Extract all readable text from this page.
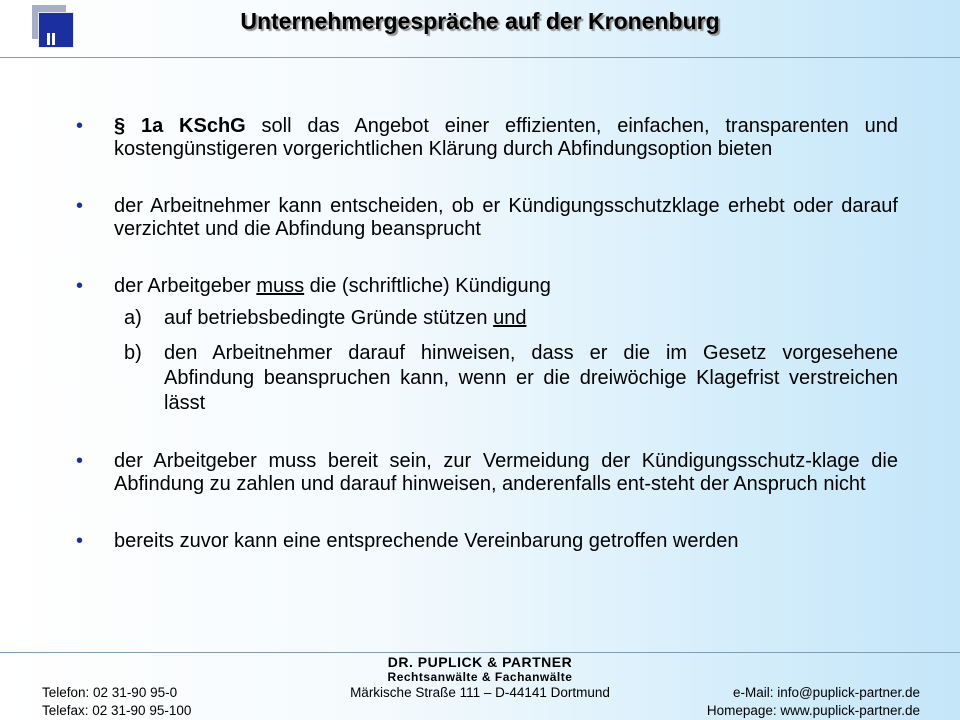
Unternehmergespräche auf der Kronenburg
• § 1a KSchG soll das Angebot einer effizienten, einfachen, transparenten und kostengünstigeren vorgerichtlichen Klärung durch Abfindungsoption bieten
• der Arbeitnehmer kann entscheiden, ob er Kündigungsschutzklage erhebt oder darauf verzichtet und die Abfindung beansprucht
• der Arbeitgeber muss die (schriftliche) Kündigung
a) auf betriebsbedingte Gründe stützen und
b) den Arbeitnehmer darauf hinweisen, dass er die im Gesetz vorgesehene Abfindung beanspruchen kann, wenn er die dreiwöchige Klagefrist verstreichen lässt
• der Arbeitgeber muss bereit sein, zur Vermeidung der Kündigungsschutz-klage die Abfindung zu zahlen und darauf hinweisen, anderenfalls ent-steht der Anspruch nicht
• bereits zuvor kann eine entsprechende Vereinbarung getroffen werden
DR. PUPLICK & PARTNER
Rechtsanwälte & Fachanwälte
Telefon: 02 31-90 95-0
Telefax: 02 31-90 95-100
Märkische Straße 111 – D-44141 Dortmund	e-Mail: info@puplick-partner.de
Homepage: www.puplick-partner.de
